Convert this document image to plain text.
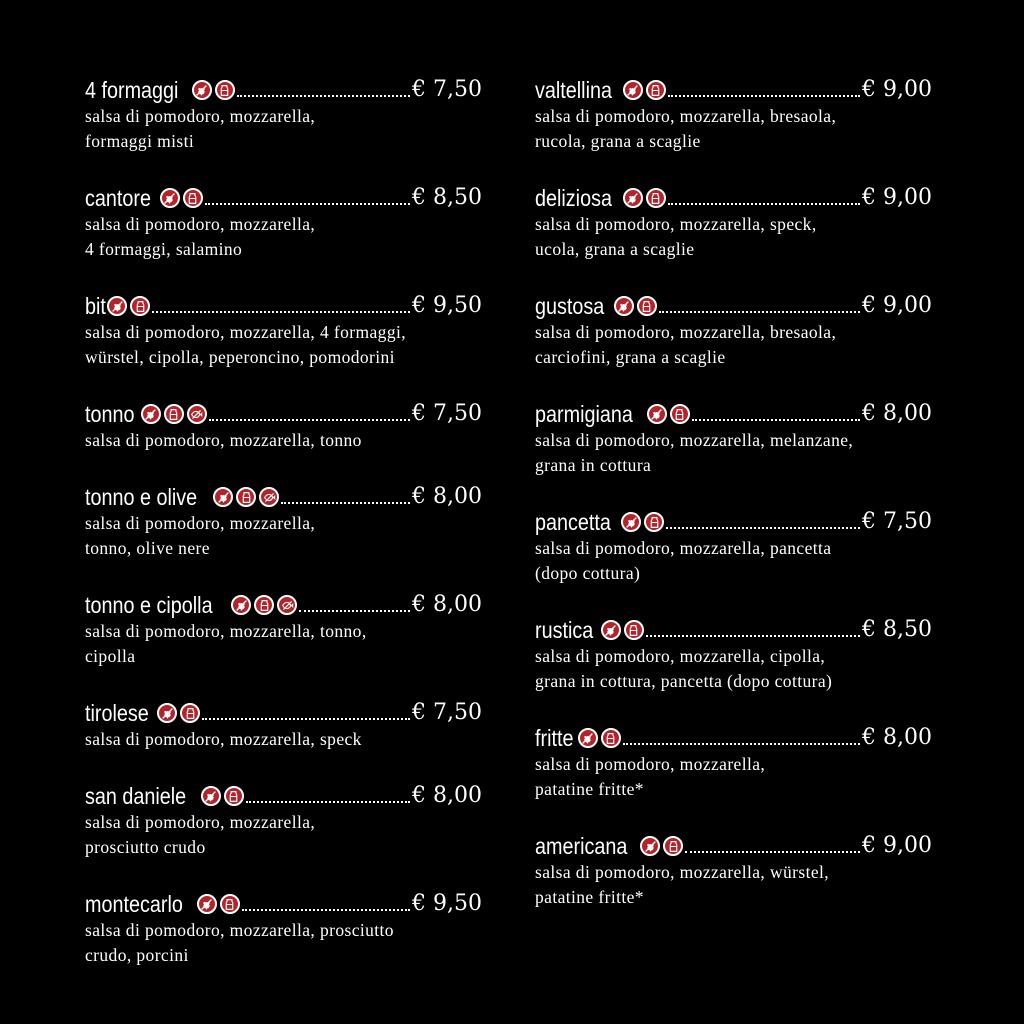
4 formaggi	€ 7,50
salsa di pomodoro, mozzarella,
formaggi misti
cantore	€ 8,50
salsa di pomodoro, mozzarella,
4 formaggi, salamino
bit	€ 9,50
salsa di pomodoro, mozzarella, 4 formaggi,
würstel, cipolla, peperoncino, pomodorini
tonno	€ 7,50
salsa di pomodoro, mozzarella, tonno
tonno e olive	€ 8,00
salsa di pomodoro, mozzarella,
tonno, olive nere
tonno e cipolla	€ 8,00
salsa di pomodoro, mozzarella, tonno,
cipolla
tirolese	€ 7,50
salsa di pomodoro, mozzarella, speck
san daniele	€ 8,00
salsa di pomodoro, mozzarella,
prosciutto crudo
montecarlo	€ 9,50
salsa di pomodoro, mozzarella, prosciutto
crudo, porcini
valtellina	€ 9,00
salsa di pomodoro, mozzarella, bresaola,
rucola, grana a scaglie
deliziosa	€ 9,00
salsa di pomodoro, mozzarella, speck,
ucola, grana a scaglie
gustosa	€ 9,00
salsa di pomodoro, mozzarella, bresaola,
carciofini, grana a scaglie
parmigiana	€ 8,00
salsa di pomodoro, mozzarella, melanzane,
grana in cottura
pancetta	€ 7,50
salsa di pomodoro, mozzarella, pancetta
(dopo cottura)
rustica	€ 8,50
salsa di pomodoro, mozzarella, cipolla,
grana in cottura, pancetta (dopo cottura)
fritte	€ 8,00
salsa di pomodoro, mozzarella,
patatine fritte*
americana	€ 9,00
salsa di pomodoro, mozzarella, würstel,
patatine fritte*
